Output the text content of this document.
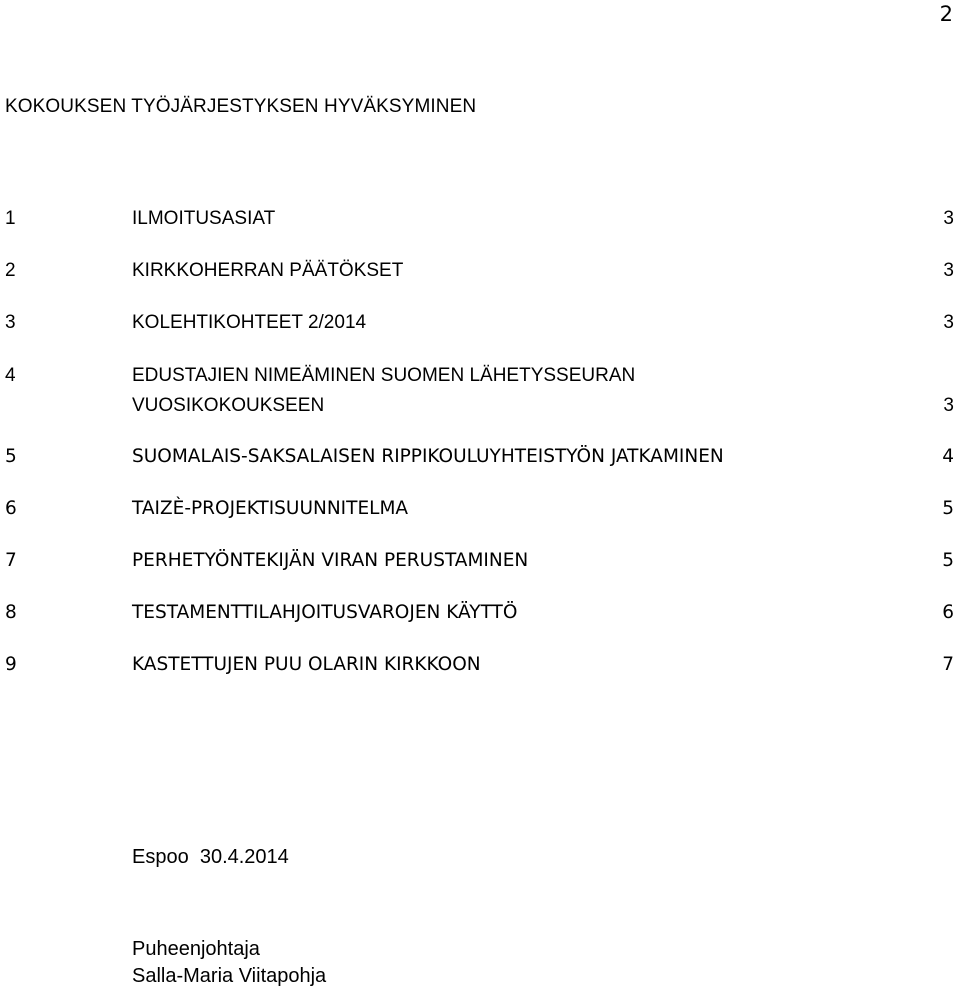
2
KOKOUKSEN TYÖJÄRJESTYKSEN HYVÄKSYMINEN
1	ILMOITUSASIAT	3
2	KIRKKOHERRAN PÄÄTÖKSET	3
3	KOLEHTIKOHTEET 2/2014	3
4	EDUSTAJIEN NIMEÄMINEN SUOMEN LÄHETYSSEURAN
VUOSIKOKOUKSEEN	3
5	SUOMALAIS-SAKSALAISEN RIPPIKOULUYHTEISTYÖN JATKAMINEN	4
6	TAIZÈ-PROJEKTISUUNNITELMA	5
7	PERHETYÖNTEKIJÄN VIRAN PERUSTAMINEN	5
8	TESTAMENTTILAHJOITUSVAROJEN KÄYTTÖ	6
9	KASTETTUJEN PUU OLARIN KIRKKOON	7
Espoo  30.4.2014
Puheenjohtaja
Salla-Maria Viitapohja
